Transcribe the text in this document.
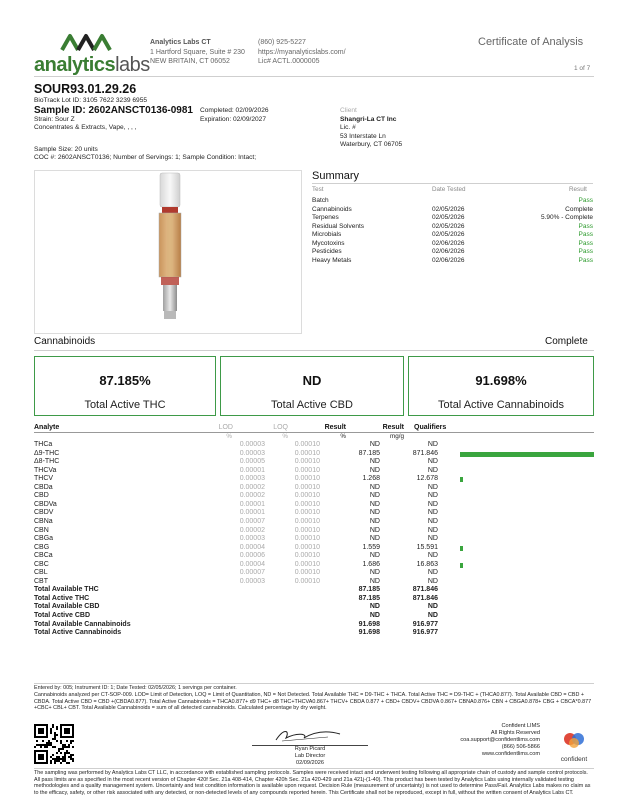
analyticslabs
Analytics Labs CT
1 Hartford Square, Suite # 230
NEW BRITAIN, CT 06052
(860) 925-5227
https://myanalyticslabs.com/
Lic# ACTL.0000005
Certificate of Analysis
1 of 7
SOUR93.01.29.26
BioTrack Lot ID: 3105 7622 3239 6955
Sample ID: 2602ANSCT0136-0981
Strain: Sour Z
Concentrates & Extracts, Vape, , , ,
Completed: 02/09/2026
Expiration: 02/09/2027
Sample Size: 20 units
COC #: 2602ANSCT0136; Number of Servings: 1; Sample Condition: Intact;
Client
Shangri-La CT Inc
Lic. #
53 Interstate Ln
Waterbury, CT 06705
Summary
Test	Date Tested	Result
Batch	Pass
Cannabinoids	02/05/2026	Complete
Terpenes	02/05/2026	5.90% - Complete
Residual Solvents	02/05/2026	Pass
Microbials	02/05/2026	Pass
Mycotoxins	02/06/2026	Pass
Pesticides	02/06/2026	Pass
Heavy Metals	02/06/2026	Pass
Cannabinoids	Complete
87.185%
Total Active THC
ND
Total Active CBD
91.698%
Total Active Cannabinoids
Analyte	LOD	LOQ	Result	Result Qualifiers
%
%	%	mg/g
THCa	0.00003	0.00010	ND	ND
Δ9-THC	0.00003	0.00010	87.185	871.846
Δ8-THC	0.00005	0.00010	ND	ND
THCVa	0.00001	0.00010	ND	ND
THCV	0.00003	0.00010	1.268	12.678
CBDa	0.00002	0.00010	ND	ND
CBD	0.00002	0.00010	ND	ND
CBDVa	0.00001	0.00010	ND	ND
CBDV	0.00001	0.00010	ND	ND
CBNa	0.00007	0.00010	ND	ND
CBN	0.00002	0.00010	ND	ND
CBGa	0.00003	0.00010	ND	ND
CBG	0.00004	0.00010	1.559	15.591
CBCa	0.00006	0.00010	ND	ND
CBC	0.00004	0.00010	1.686	16.863
CBL	0.00007	0.00010	ND	ND
CBT	0.00003	0.00010	ND	ND
Total Available THC	87.185	871.846
Total Active THC	87.185	871.846
Total Available CBD	ND	ND
Total Active CBD	ND	ND
Total Available Cannabinoids	91.698	916.977
Total Active Cannabinoids	91.698	916.977
Entered by: 005; Instrument ID: 1; Date Tested: 02/05/2026; 1 servings per container.
Cannabinoids analyzed per CT-SOP-009. LOD= Limit of Detection, LOQ = Limit of Quantitation, ND = Not Detected. Total Available THC = D9-THC + THCA. Total Active THC = D9-THC + (THCA0.877). Total Available CBD = CBD + CBDA. Total Active CBD = CBD +(CBDA0.877). Total Active Cannabinoids = THCA0.877+ d9 THC+ d8 THC+THCVA0.867+ THCV+ CBDA 0.877 + CBD+ CBDV+ CBDVA 0.867+ CBNA0.876+ CBN + CBGA0.878+ CBG + CBCA*0.877 +CBC+ CBL+ CBT. Total Available Cannabinoids = sum of all detected cannabinoids. Calculated percentage by dry weight.
Ryan Picard
Lab Director
02/09/2026
Confident LIMS
All Rights Reserved
coa.support@confidentlims.com
(866) 506-5866
www.confidentlims.com
confident
The sampling was performed by Analytics Labs CT LLC, in accordance with established sampling protocols. Samples were received intact and underwent testing following all appropriate chain of custody and sample control protocols. All pass limits are as specified in the most recent version of Chapter 420f Sec. 21a 408-414, Chapter 420h Sec. 21a 420-429 and 21a 421j-(1-40). This product has been tested by Analytics Labs using internally validated testing methodologies and a quality management system. Uncertainty and test condition information is available upon request. Decision Rule (measurement of uncertainty) is not used to determine Pass/Fail. Analytics Labs makes no claim as to the efficacy, safety, or other risk associated with any detected, or non-detected levels of any compounds reported herein. This Certificate shall not be reproduced, except in full, without the written consent of Analytics Labs CT.
